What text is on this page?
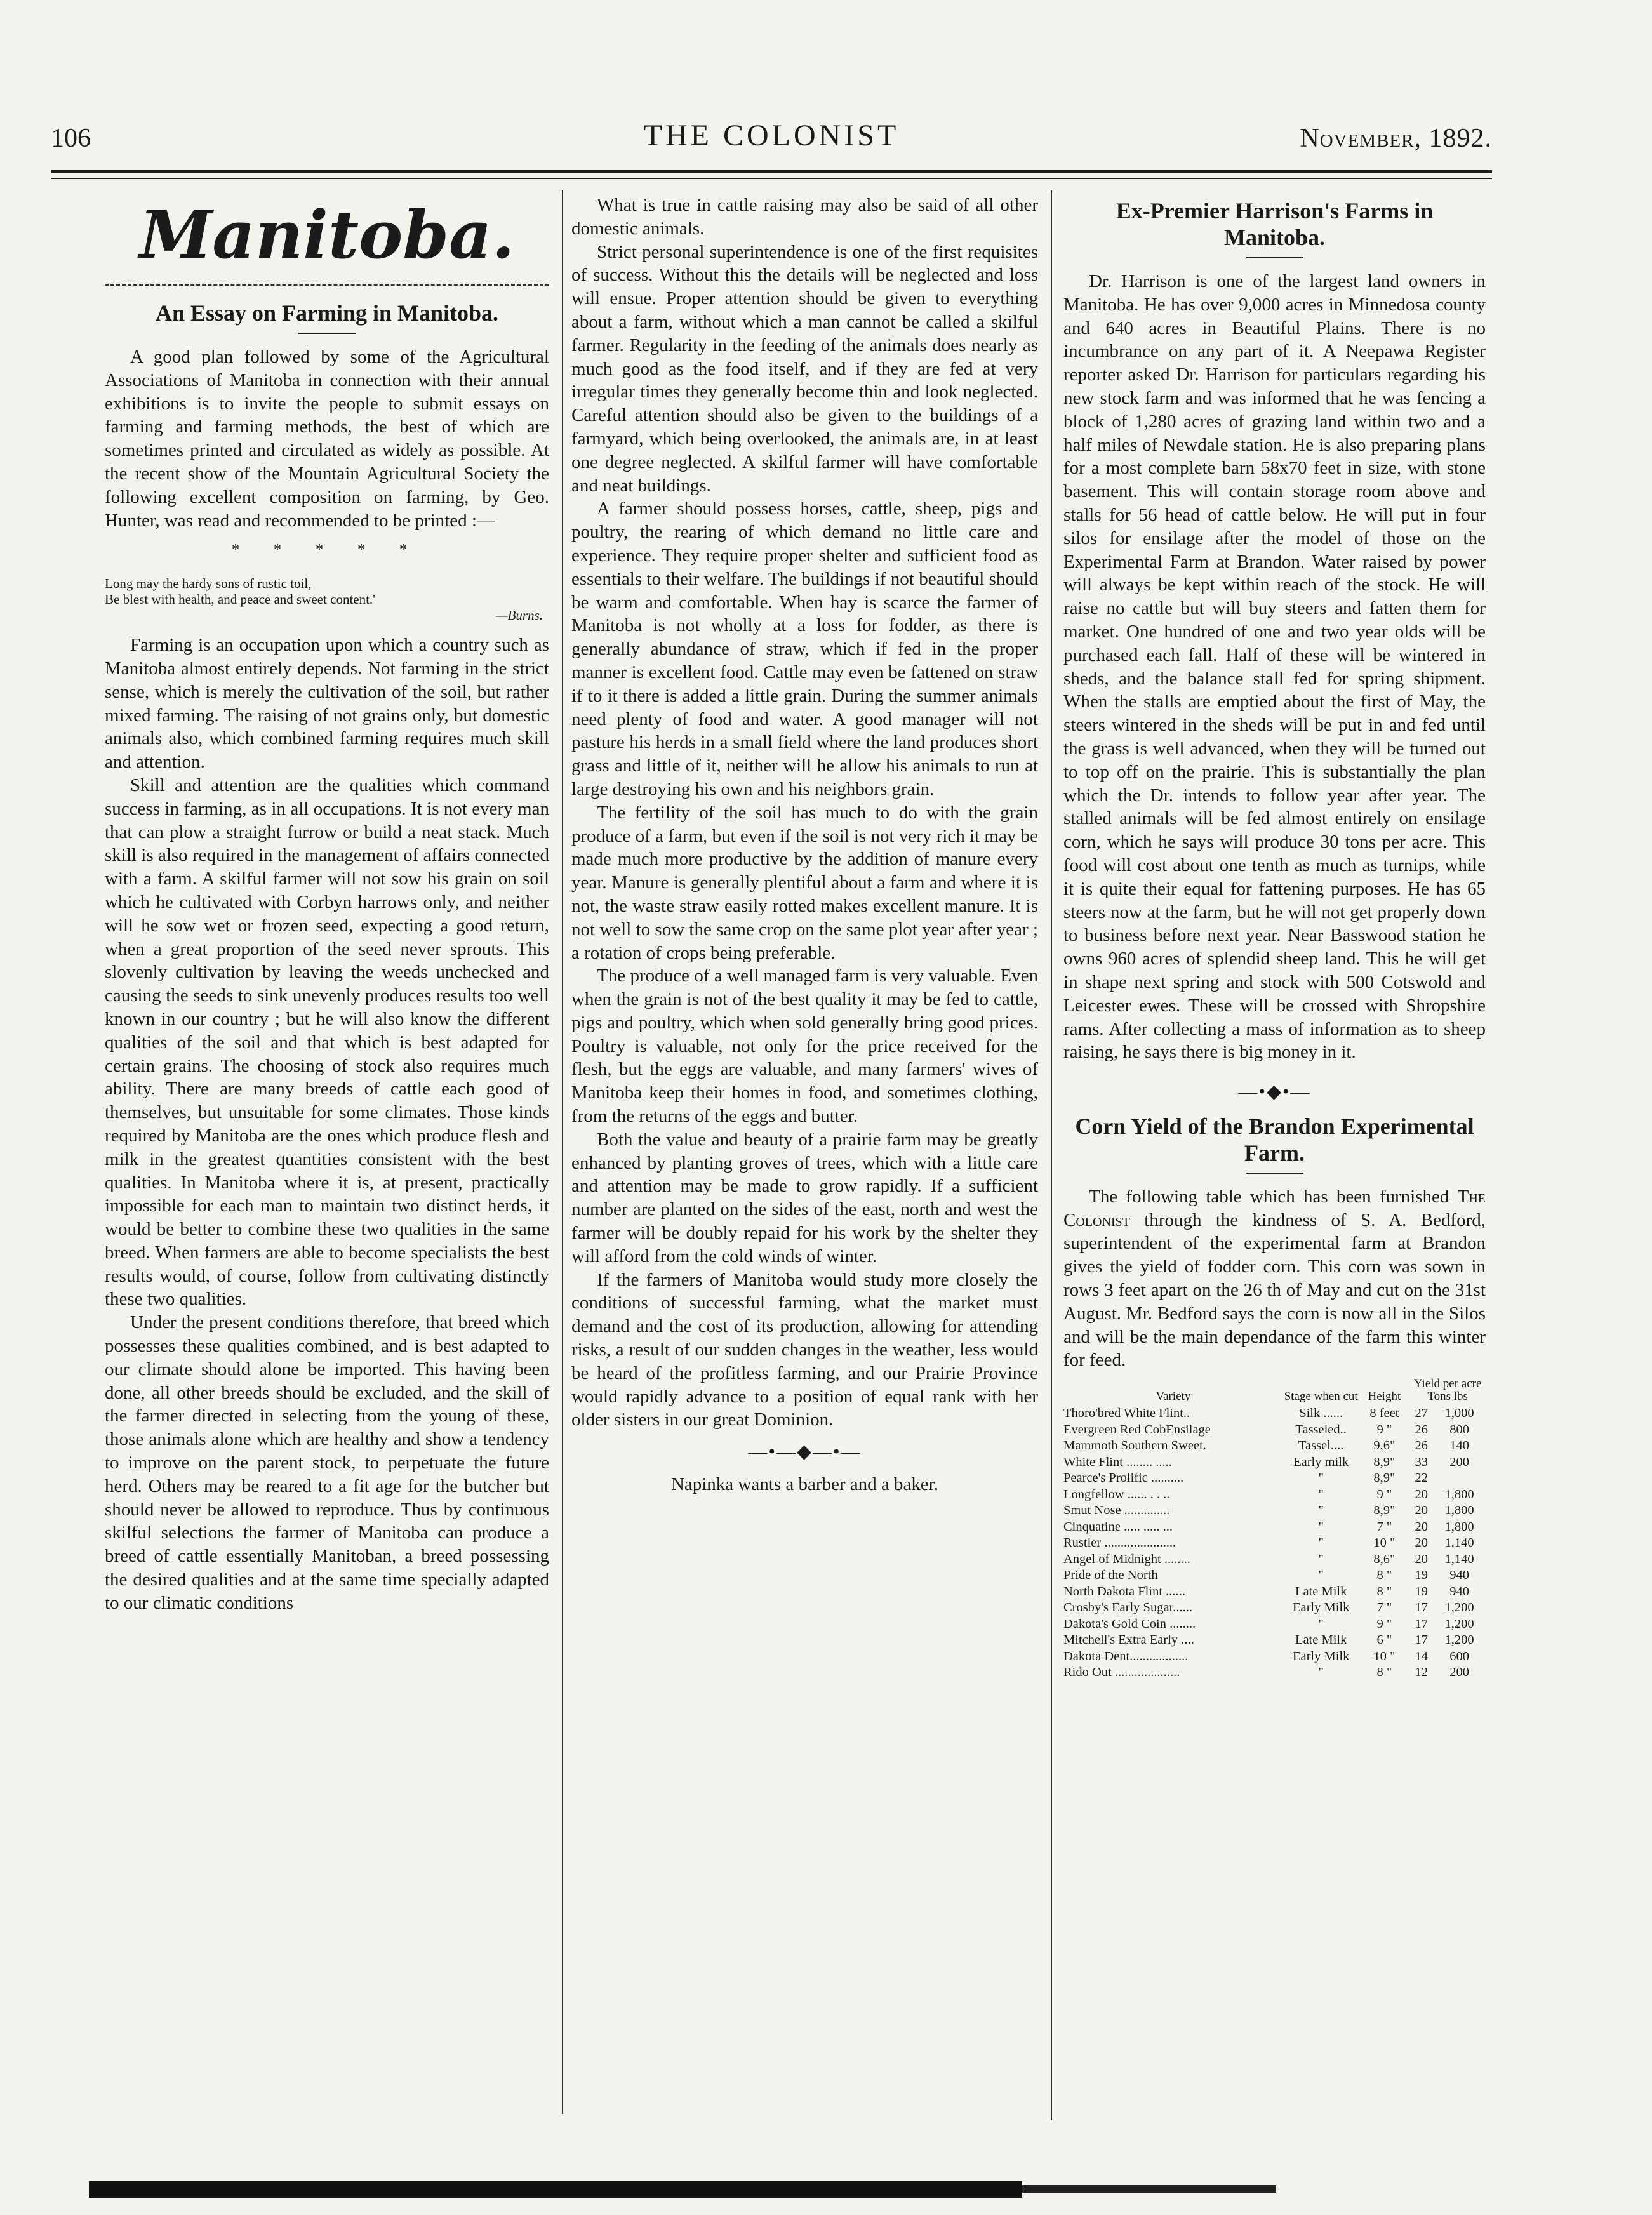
106	THE COLONIST	November, 1892.
Manitoba.
An Essay on Farming in Manitoba.

A good plan followed by some of the Agricultural Associations of Manitoba in connection with their annual exhibitions is to invite the people to submit essays on farming and farming methods, the best of which are sometimes printed and circulated as widely as possible. At the recent show of the Mountain Agricultural Society the following excellent composition on farming, by Geo. Hunter, was read and recommended to be printed :—

* * * * *
Long may the hardy sons of rustic toil,
Be blest with health, and peace and sweet content.'
—Burns.

Farming is an occupation upon which a country such as Manitoba almost entirely depends. Not farming in the strict sense, which is merely the cultivation of the soil, but rather mixed farming. The raising of not grains only, but domestic animals also, which combined farming requires much skill and attention.

Skill and attention are the qualities which command success in farming, as in all occupations. It is not every man that can plow a straight furrow or build a neat stack. Much skill is also required in the management of affairs connected with a farm. A skilful farmer will not sow his grain on soil which he cultivated with Corbyn harrows only, and neither will he sow wet or frozen seed, expecting a good return, when a great proportion of the seed never sprouts. This slovenly cultivation by leaving the weeds unchecked and causing the seeds to sink unevenly produces results too well known in our country ; but he will also know the different qualities of the soil and that which is best adapted for certain grains. The choosing of stock also requires much ability. There are many breeds of cattle each good of themselves, but unsuitable for some climates. Those kinds required by Manitoba are the ones which produce flesh and milk in the greatest quantities consistent with the best qualities. In Manitoba where it is, at present, practically impossible for each man to maintain two distinct herds, it would be better to combine these two qualities in the same breed. When farmers are able to become specialists the best results would, of course, follow from cultivating distinctly these two qualities.

Under the present conditions therefore, that breed which possesses these qualities combined, and is best adapted to our climate should alone be imported. This having been done, all other breeds should be excluded, and the skill of the farmer directed in selecting from the young of these, those animals alone which are healthy and show a tendency to improve on the parent stock, to perpetuate the future herd. Others may be reared to a fit age for the butcher but should never be allowed to reproduce. Thus by continuous skilful selections the farmer of Manitoba can produce a breed of cattle essentially Manitoban, a breed possessing the desired qualities and at the same time specially adapted to our climatic conditions

What is true in cattle raising may also be said of all other domestic animals.

Strict personal superintendence is one of the first requisites of success. Without this the details will be neglected and loss will ensue. Proper attention should be given to everything about a farm, without which a man cannot be called a skilful farmer. Regularity in the feeding of the animals does nearly as much good as the food itself, and if they are fed at very irregular times they generally become thin and look neglected. Careful attention should also be given to the buildings of a farmyard, which being overlooked, the animals are, in at least one degree neglected. A skilful farmer will have comfortable and neat buildings.

A farmer should possess horses, cattle, sheep, pigs and poultry, the rearing of which demand no little care and experience. They require proper shelter and sufficient food as essentials to their welfare. The buildings if not beautiful should be warm and comfortable. When hay is scarce the farmer of Manitoba is not wholly at a loss for fodder, as there is generally abundance of straw, which if fed in the proper manner is excellent food. Cattle may even be fattened on straw if to it there is added a little grain. During the summer animals need plenty of food and water. A good manager will not pasture his herds in a small field where the land produces short grass and little of it, neither will he allow his animals to run at large destroying his own and his neighbors grain.

The fertility of the soil has much to do with the grain produce of a farm, but even if the soil is not very rich it may be made much more productive by the addition of manure every year. Manure is generally plentiful about a farm and where it is not, the waste straw easily rotted makes excellent manure. It is not well to sow the same crop on the same plot year after year ; a rotation of crops being preferable.

The produce of a well managed farm is very valuable. Even when the grain is not of the best quality it may be fed to cattle, pigs and poultry, which when sold generally bring good prices. Poultry is valuable, not only for the price received for the flesh, but the eggs are valuable, and many farmers' wives of Manitoba keep their homes in food, and sometimes clothing, from the returns of the eggs and butter.

Both the value and beauty of a prairie farm may be greatly enhanced by planting groves of trees, which with a little care and attention may be made to grow rapidly. If a sufficient number are planted on the sides of the east, north and west the farmer will be doubly repaid for his work by the shelter they will afford from the cold winds of winter.

If the farmers of Manitoba would study more closely the conditions of successful farming, what the market must demand and the cost of its production, allowing for attending risks, a result of our sudden changes in the weather, less would be heard of the profitless farming, and our Prairie Province would rapidly advance to a position of equal rank with her older sisters in our great Dominion.

—•—◆—•—

Napinka wants a barber and a baker.

Ex-Premier Harrison's Farms in Manitoba.

Dr. Harrison is one of the largest land owners in Manitoba. He has over 9,000 acres in Minnedosa county and 640 acres in Beautiful Plains. There is no incumbrance on any part of it. A Neepawa Register reporter asked Dr. Harrison for particulars regarding his new stock farm and was informed that he was fencing a block of 1,280 acres of grazing land within two and a half miles of Newdale station. He is also preparing plans for a most complete barn 58x70 feet in size, with stone basement. This will contain storage room above and stalls for 56 head of cattle below. He will put in four silos for ensilage after the model of those on the Experimental Farm at Brandon. Water raised by power will always be kept within reach of the stock. He will raise no cattle but will buy steers and fatten them for market. One hundred of one and two year olds will be purchased each fall. Half of these will be wintered in sheds, and the balance stall fed for spring shipment. When the stalls are emptied about the first of May, the steers wintered in the sheds will be put in and fed until the grass is well advanced, when they will be turned out to top off on the prairie. This is substantially the plan which the Dr. intends to follow year after year. The stalled animals will be fed almost entirely on ensilage corn, which he says will produce 30 tons per acre. This food will cost about one tenth as much as turnips, while it is quite their equal for fattening purposes. He has 65 steers now at the farm, but he will not get properly down to business before next year. Near Basswood station he owns 960 acres of splendid sheep land. This he will get in shape next spring and stock with 500 Cotswold and Leicester ewes. These will be crossed with Shropshire rams. After collecting a mass of information as to sheep raising, he says there is big money in it.

—•◆•—
Corn Yield of the Brandon Experimental Farm.

The following table which has been furnished The Colonist through the kindness of S. A. Bedford, superintendent of the experimental farm at Brandon gives the yield of fodder corn. This corn was sown in rows 3 feet apart on the 26 th of May and cut on the 31st August. Mr. Bedford says the corn is now all in the Silos and will be the main dependance of the farm this winter for feed.

Variety	Stage when cut	Height	Yield per acre Tons lbs	
Thoro'bred White Flint..	Silk ......	8 feet	27	1,000
Evergreen Red CobEnsilage	Tasseled..	9 "	26	800
Mammoth Southern Sweet.	Tassel....	9,6"	26	140
White Flint ........ .....	Early milk	8,9"	33	200
Pearce's Prolific ..........	"	8,9"	22	
Longfellow ...... . . ..	"	9 "	20	1,800
Smut Nose ..............	"	8,9"	20	1,800
Cinquatine ..... ..... ...	"	7 "	20	1,800
Rustler ......................	"	10 "	20	1,140
Angel of Midnight ........	"	8,6"	20	1,140
Pride of the North	"	8 "	19	940
North Dakota Flint ......	Late Milk	8 "	19	940
Crosby's Early Sugar......	Early Milk	7 "	17	1,200
Dakota's Gold Coin ........	"	9 "	17	1,200
Mitchell's Extra Early ....	Late Milk	6 "	17	1,200
Dakota Dent..................	Early Milk	10 "	14	600
Rido Out ....................	"	8 "	12	200
